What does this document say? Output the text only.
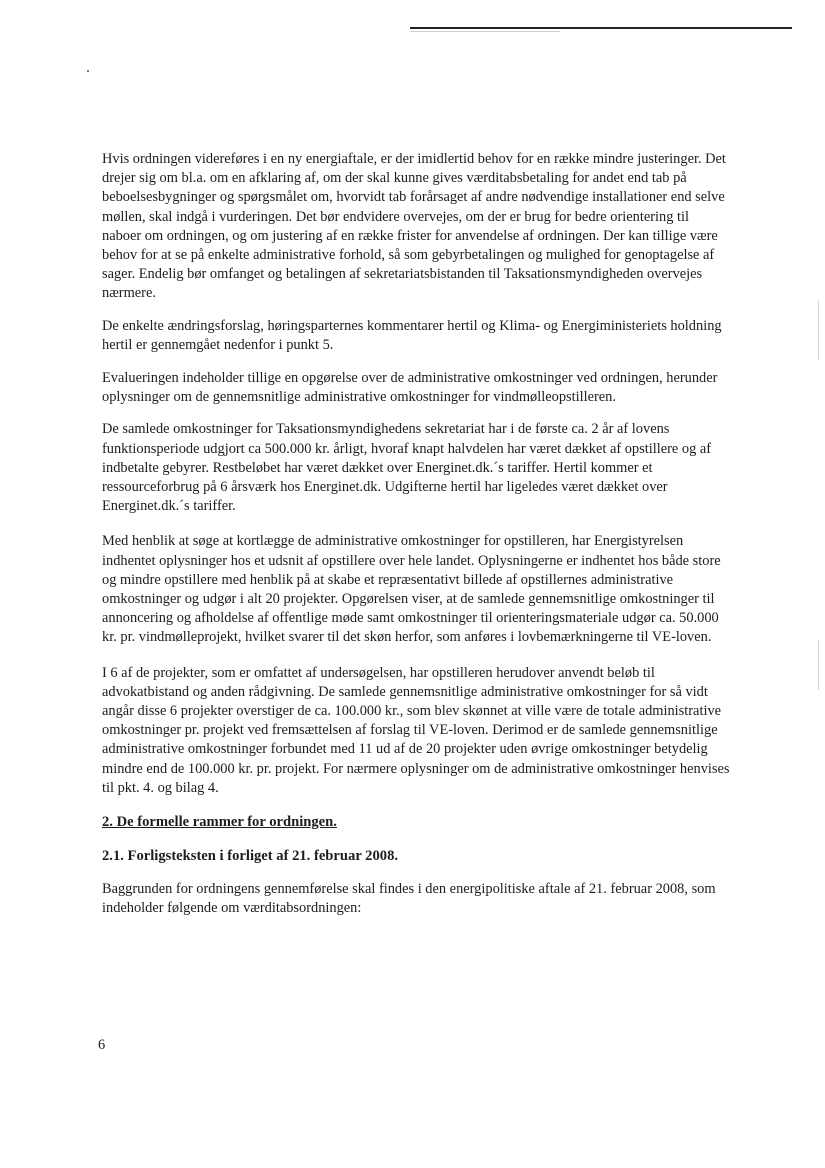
Hvis ordningen videreføres i en ny energiaftale, er der imidlertid behov for en række mindre justeringer. Det drejer sig om bl.a. om en afklaring af, om der skal kunne gives værditabsbetaling for andet end tab på beboelsesbygninger og spørgsmålet om, hvorvidt tab forårsaget af andre nødvendige installationer end selve møllen, skal indgå i vurderingen. Det bør endvidere overvejes, om der er brug for bedre orientering til naboer om ordningen, og om justering af en række frister for anvendelse af ordningen. Der kan tillige være behov for at se på enkelte administrative forhold, så som gebyrbetalingen og mulighed for genoptagelse af sager. Endelig bør omfanget og betalingen af sekretariatsbistanden til Taksationsmyndigheden overvejes nærmere.

De enkelte ændringsforslag, høringsparternes kommentarer hertil og Klima- og Energiministeriets holdning hertil er gennemgået nedenfor i punkt 5.

Evalueringen indeholder tillige en opgørelse over de administrative omkostninger ved ordningen, herunder oplysninger om de gennemsnitlige administrative omkostninger for vindmølleopstilleren.

De samlede omkostninger for Taksationsmyndighedens sekretariat har i de første ca. 2 år af lovens funktionsperiode udgjort ca 500.000 kr. årligt, hvoraf knapt halvdelen har været dækket af opstillere og af indbetalte gebyrer. Restbeløbet har været dækket over Energinet.dk.´s tariffer. Hertil kommer et ressourceforbrug på 6 årsværk hos Energinet.dk. Udgifterne hertil har ligeledes været dækket over Energinet.dk.´s tariffer.

Med henblik at søge at kortlægge de administrative omkostninger for opstilleren, har Energistyrelsen indhentet oplysninger hos et udsnit af opstillere over hele landet. Oplysningerne er indhentet hos både store og mindre opstillere med henblik på at skabe et repræsentativt billede af opstillernes administrative omkostninger og udgør i alt 20 projekter. Opgørelsen viser, at de samlede gennemsnitlige omkostninger til annoncering og afholdelse af offentlige møde samt omkostninger til orienteringsmateriale udgør ca. 50.000 kr. pr. vindmølleprojekt, hvilket svarer til det skøn herfor, som anføres i lovbemærkningerne til VE-loven.

I 6 af de projekter, som er omfattet af undersøgelsen, har opstilleren herudover anvendt beløb til advokatbistand og anden rådgivning. De samlede gennemsnitlige administrative omkostninger for så vidt angår disse 6 projekter overstiger de ca. 100.000 kr., som blev skønnet at ville være de totale administrative omkostninger pr. projekt ved fremsættelsen af forslag til VE-loven. Derimod er de samlede gennemsnitlige administrative omkostninger forbundet med 11 ud af de 20 projekter uden øvrige omkostninger betydelig mindre end de 100.000 kr. pr. projekt. For nærmere oplysninger om de administrative omkostninger henvises til pkt. 4. og bilag 4.

2. De formelle rammer for ordningen.
2.1. Forligsteksten i forliget af 21. februar 2008.

Baggrunden for ordningens gennemførelse skal findes i den energipolitiske aftale af 21. februar 2008, som indeholder følgende om værditabsordningen:

6
